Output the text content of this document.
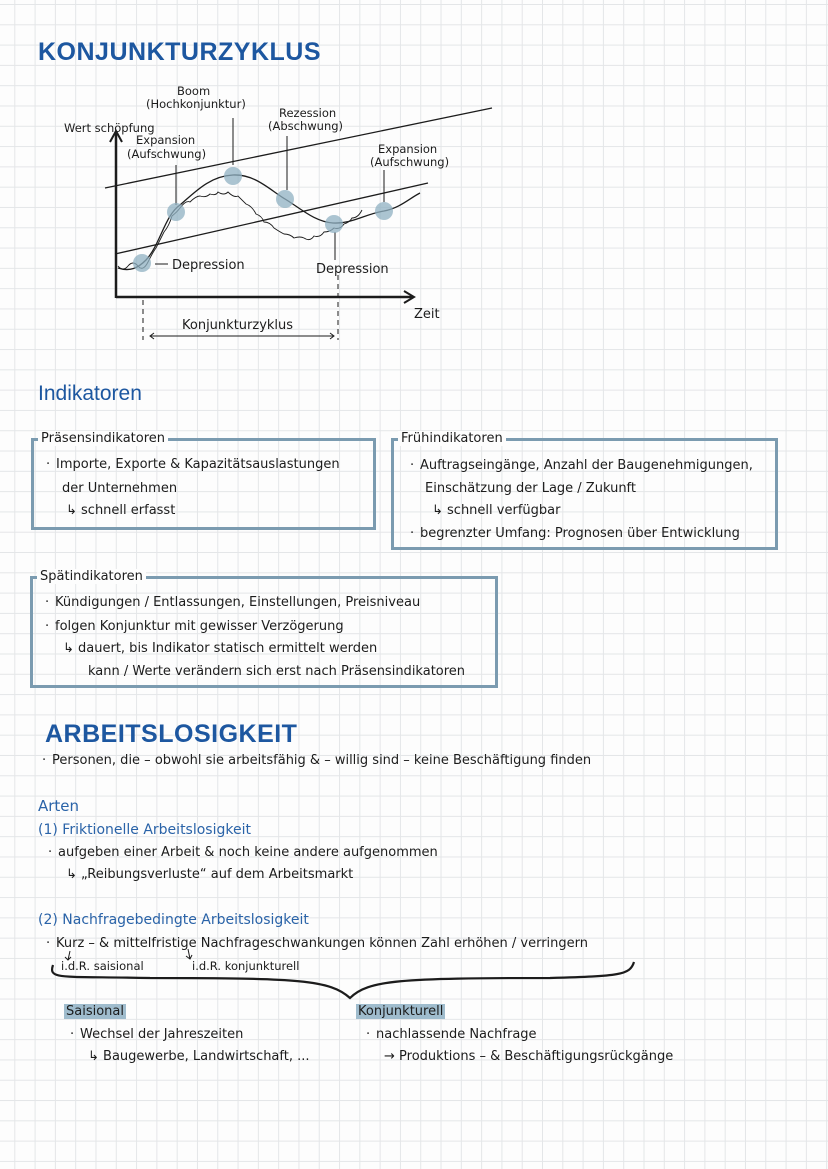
KONJUNKTURZYKLUS
Wert schöpfung
Zeit
Boom
(Hochkonjunktur)
Rezession
(Abschwung)
Expansion
(Aufschwung)	Expansion
(Aufschwung)
Depression	Depression
Konjunkturzyklus
Indikatoren
Präsensindikatoren
· Importe, Exporte & Kapazitätsauslastungen
der Unternehmen
↳ schnell erfasst
Frühindikatoren
· Auftragseingänge, Anzahl der Baugenehmigungen,
Einschätzung der Lage / Zukunft
↳ schnell verfügbar
· begrenzter Umfang: Prognosen über Entwicklung
Spätindikatoren
· Kündigungen / Entlassungen, Einstellungen, Preisniveau
· folgen Konjunktur mit gewisser Verzögerung
↳ dauert, bis Indikator statisch ermittelt werden
kann / Werte verändern sich erst nach Präsensindikatoren
ARBEITSLOSIGKEIT
· Personen, die – obwohl sie arbeitsfähig & – willig sind – keine Beschäftigung finden
Arten
(1) Friktionelle Arbeitslosigkeit
· aufgeben einer Arbeit & noch keine andere aufgenommen
↳ „Reibungsverluste“ auf dem Arbeitsmarkt
(2) Nachfragebedingte Arbeitslosigkeit
· Kurz – & mittelfristige Nachfrageschwankungen können Zahl erhöhen / verringern
i.d.R. saisional	i.d.R. konjunkturell
Saisional
· Wechsel der Jahreszeiten
↳ Baugewerbe, Landwirtschaft, ...
Konjunkturell
· nachlassende Nachfrage
→ Produktions – & Beschäftigungsrückgänge
